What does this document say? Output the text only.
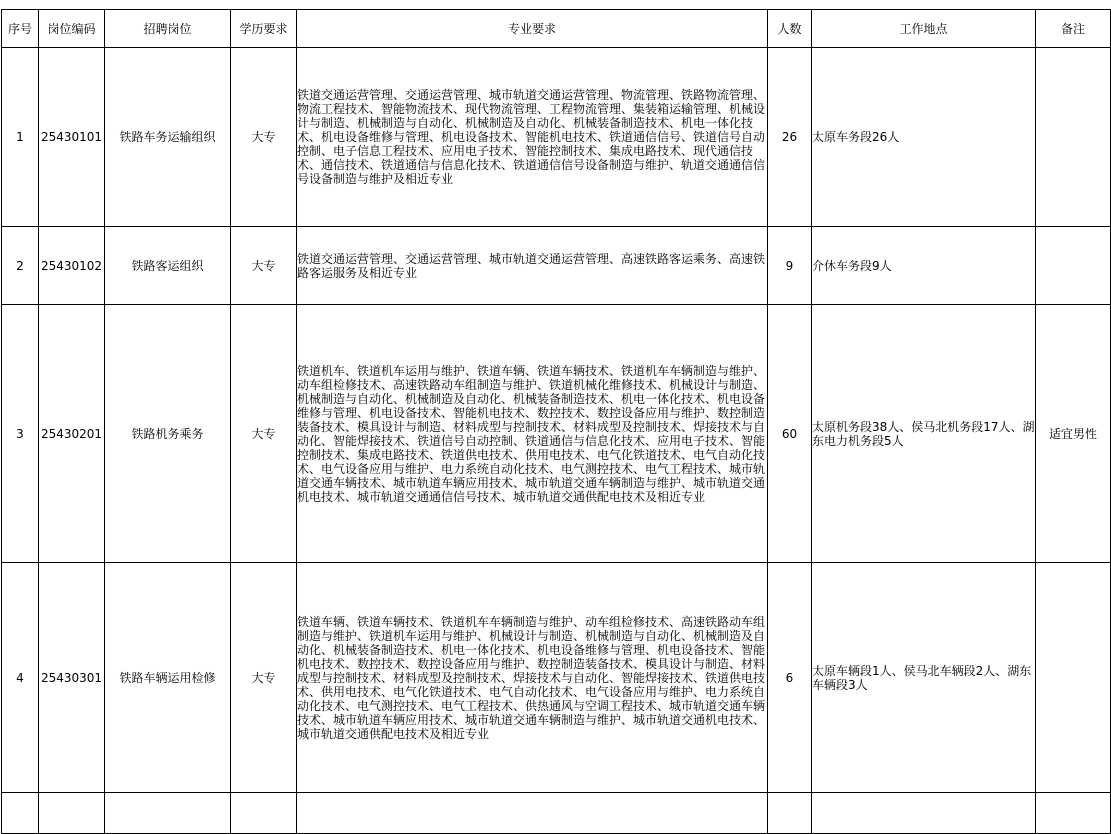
序号	岗位编码	招聘岗位	学历要求	专业要求	人数	工作地点	备注
1	25430101	铁路车务运输组织	大专	铁道交通运营管理、交通运营管理、城市轨道交通运营管理、物流管理、铁路物流管理、物流工程技术、智能物流技术、现代物流管理、工程物流管理、集装箱运输管理、机械设计与制造、机械制造与自动化、机械制造及自动化、机械装备制造技术、机电一体化技术、机电设备维修与管理、机电设备技术、智能机电技术、铁道通信信号、铁道信号自动控制、电子信息工程技术、应用电子技术、智能控制技术、集成电路技术、现代通信技术、通信技术、铁道通信与信息化技术、铁道通信信号设备制造与维护、轨道交通通信信号设备制造与维护及相近专业	26	太原车务段26人	
2	25430102	铁路客运组织	大专	铁道交通运营管理、交通运营管理、城市轨道交通运营管理、高速铁路客运乘务、高速铁路客运服务及相近专业	9	介休车务段9人	
3	25430201	铁路机务乘务	大专	铁道机车、铁道机车运用与维护、铁道车辆、铁道车辆技术、铁道机车车辆制造与维护、动车组检修技术、高速铁路动车组制造与维护、铁道机械化维修技术、机械设计与制造、机械制造与自动化、机械制造及自动化、机械装备制造技术、机电一体化技术、机电设备维修与管理、机电设备技术、智能机电技术、数控技术、数控设备应用与维护、数控制造装备技术、模具设计与制造、材料成型与控制技术、材料成型及控制技术、焊接技术与自动化、智能焊接技术、铁道信号自动控制、铁道通信与信息化技术、应用电子技术、智能控制技术、集成电路技术、铁道供电技术、供用电技术、电气化铁道技术、电气自动化技术、电气设备应用与维护、电力系统自动化技术、电气测控技术、电气工程技术、城市轨道交通车辆技术、城市轨道车辆应用技术、城市轨道交通车辆制造与维护、城市轨道交通机电技术、城市轨道交通通信信号技术、城市轨道交通供配电技术及相近专业	60	太原机务段38人、侯马北机务段17人、湖东电力机务段5人	适宜男性
4	25430301	铁路车辆运用检修	大专	铁道车辆、铁道车辆技术、铁道机车车辆制造与维护、动车组检修技术、高速铁路动车组制造与维护、铁道机车运用与维护、机械设计与制造、机械制造与自动化、机械制造及自动化、机械装备制造技术、机电一体化技术、机电设备维修与管理、机电设备技术、智能机电技术、数控技术、数控设备应用与维护、数控制造装备技术、模具设计与制造、材料成型与控制技术、材料成型及控制技术、焊接技术与自动化、智能焊接技术、铁道供电技术、供用电技术、电气化铁道技术、电气自动化技术、电气设备应用与维护、电力系统自动化技术、电气测控技术、电气工程技术、供热通风与空调工程技术、城市轨道交通车辆技术、城市轨道车辆应用技术、城市轨道交通车辆制造与维护、城市轨道交通机电技术、城市轨道交通供配电技术及相近专业	6	太原车辆段1人、侯马北车辆段2人、湖东车辆段3人	
